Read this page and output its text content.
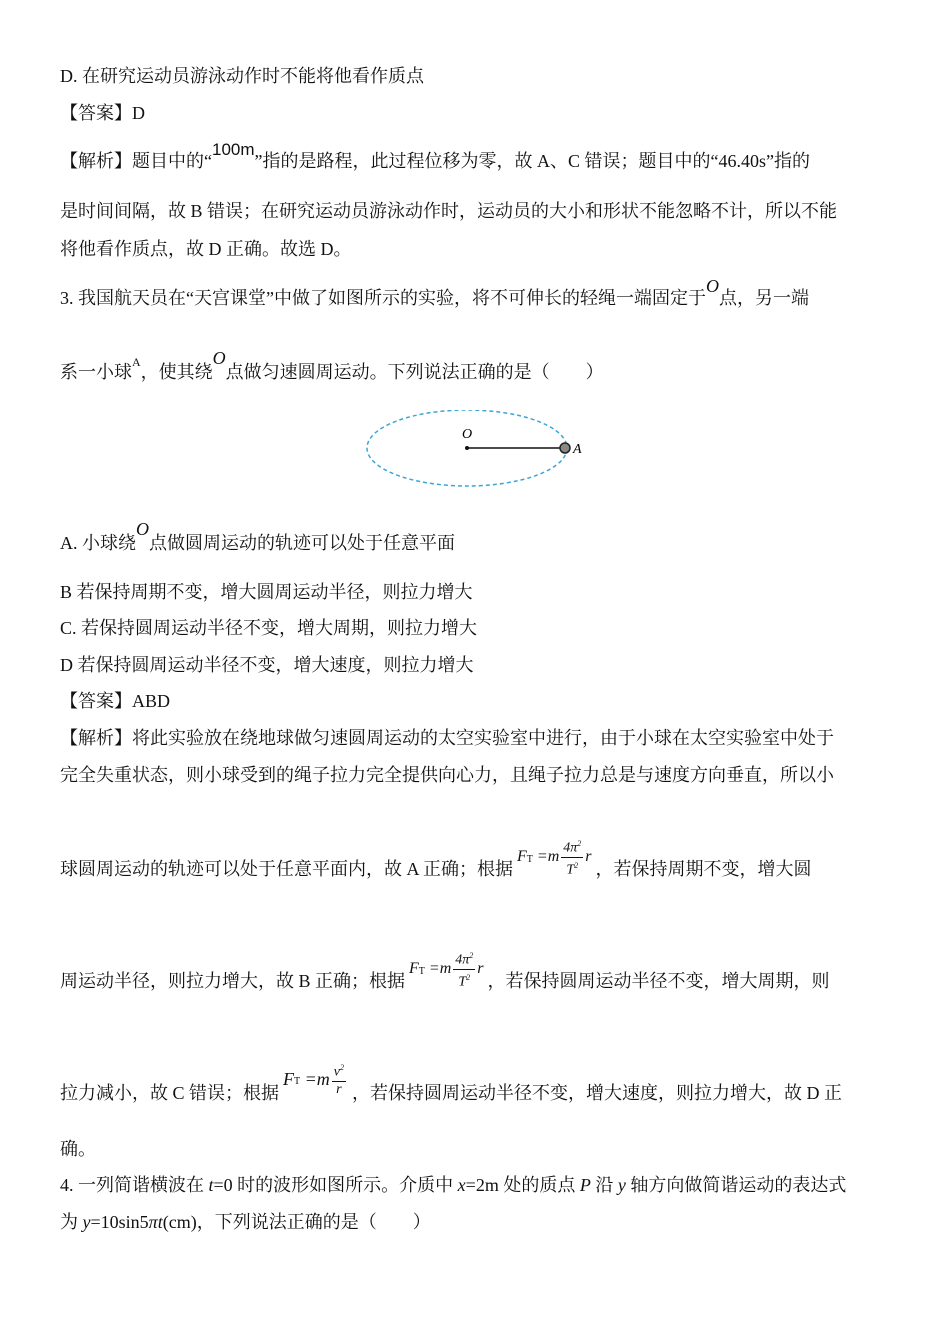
D. 在研究运动员游泳动作时不能将他看作质点
【答案】D
【解析】题目中的“100m”指的是路程，此过程位移为零，故 A、C 错误；题目中的“46.40s”指的
是时间间隔，故 B 错误；在研究运动员游泳动作时，运动员的大小和形状不能忽略不计，所以不能
将他看作质点，故 D 正确。故选 D。
3. 我国航天员在“天宫课堂”中做了如图所示的实验，将不可伸长的轻绳一端固定于O点，另一端
系一小球A，使其绕O点做匀速圆周运动。下列说法正确的是（　　）
O
A
A. 小球绕O点做圆周运动的轨迹可以处于任意平面
B 若保持周期不变，增大圆周运动半径，则拉力增大
C. 若保持圆周运动半径不变，增大周期，则拉力增大
D 若保持圆周运动半径不变，增大速度，则拉力增大
【答案】ABD
【解析】将此实验放在绕地球做匀速圆周运动的太空实验室中进行，由于小球在太空实验室中处于
完全失重状态，则小球受到的绳子拉力完全提供向心力，且绳子拉力总是与速度方向垂直，所以小
球圆周运动的轨迹可以处于任意平面内，故 A 正确；根据
F T
$=m \frac{4\pi^2}{T^2}$ r
，若保持周期不变，增大圆
周运动半径，则拉力增大，故 B 正确；根据
F T
$=m \frac{4\pi^2}{T^2}$ r
，若保持圆周运动半径不变，增大周期，则
拉力减小，故 C 错误；根据
F T
$=m \frac{v^2}{r}$ ，若保持圆周运动半径不变，增大速度，则拉力增大，故 D 正
确。
4. 一列简谐横波在 t=0 时的波形如图所示。介质中 x=2m 处的质点 P 沿 y 轴方向做简谐运动的表达式
为 y=10sin5πt(cm)，下列说法正确的是（　　）
